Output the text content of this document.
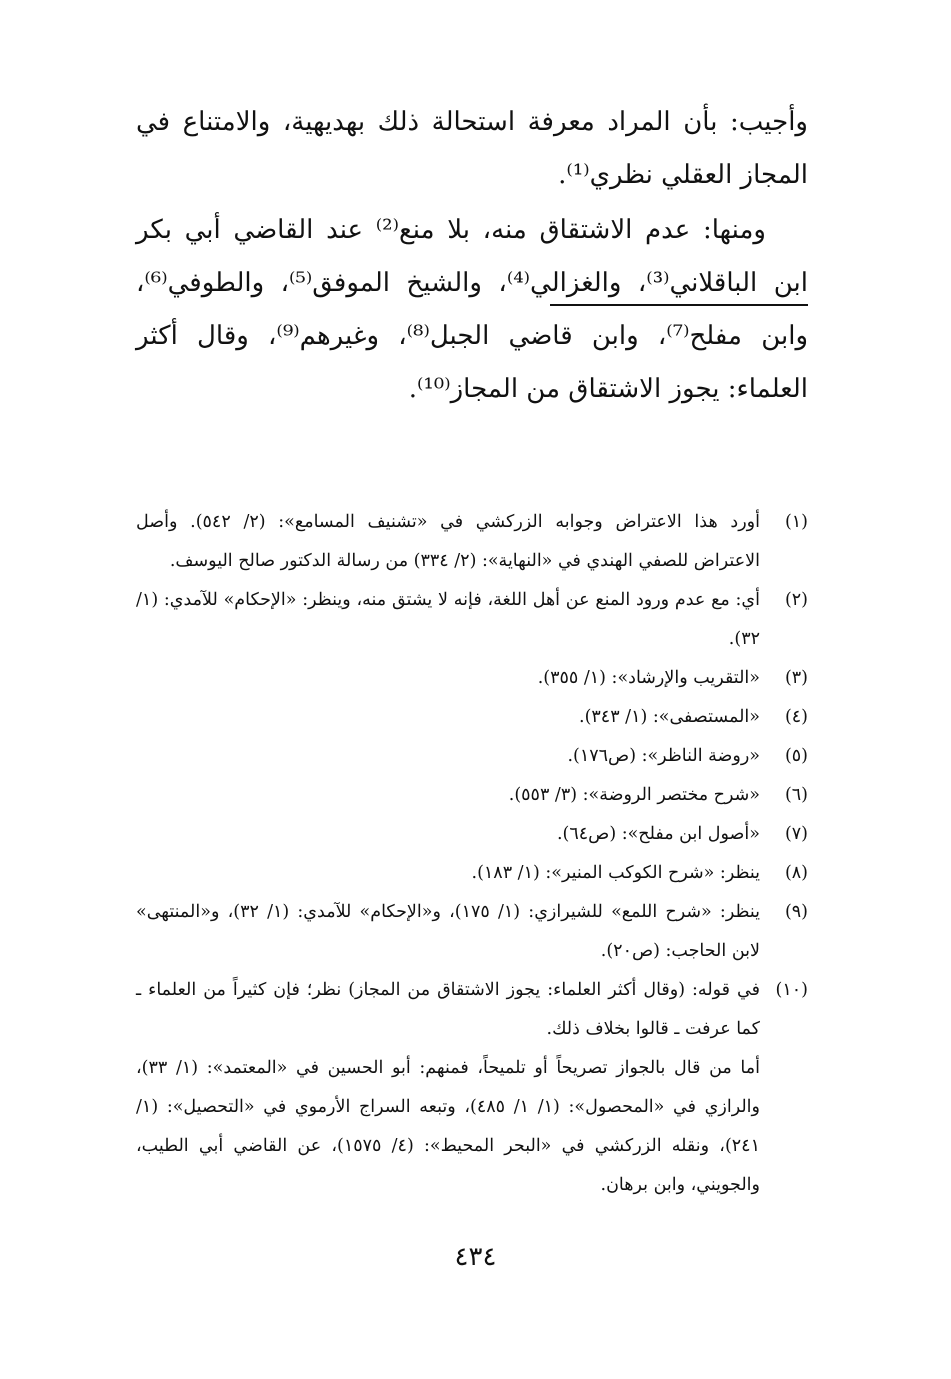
وأجيب: بأن المراد معرفة استحالة ذلك بهديهية، والامتناع في المجاز العقلي نظري⁽¹⁾.

ومنها: عدم الاشتقاق منه، بلا منع⁽²⁾ عند القاضي أبي بكر ابن الباقلاني⁽³⁾، والغزالي⁽⁴⁾، والشيخ الموفق⁽⁵⁾، والطوفي⁽⁶⁾، وابن مفلح⁽⁷⁾، وابن قاضي الجبل⁽⁸⁾، وغيرهم⁽⁹⁾، وقال أكثر العلماء: يجوز الاشتقاق من المجاز⁽¹⁰⁾.

(١)
أورد هذا الاعتراض وجوابه الزركشي في «تشنيف المسامع»: (٢/ ٥٤٢). وأصل الاعتراض للصفي الهندي في «النهاية»: (٢/ ٣٣٤) من رسالة الدكتور صالح اليوسف.
(٢)
أي: مع عدم ورود المنع عن أهل اللغة، فإنه لا يشتق منه، وينظر: «الإحكام» للآمدي: (١/ ٣٢).
(٣)
«التقريب والإرشاد»: (١/ ٣٥٥).
(٤)
«المستصفى»: (١/ ٣٤٣).
(٥)
«روضة الناظر»: (ص١٧٦).
(٦)
«شرح مختصر الروضة»: (٣/ ٥٥٣).
(٧)
«أصول ابن مفلح»: (ص٦٤).
(٨)
ينظر: «شرح الكوكب المنير»: (١/ ١٨٣).
(٩)
ينظر: «شرح اللمع» للشيرازي: (١/ ١٧٥)، و«الإحكام» للآمدي: (١/ ٣٢)، و«المنتهى» لابن الحاجب: (ص٢٠).
(١٠)
في قوله: (وقال أكثر العلماء: يجوز الاشتقاق من المجاز) نظر؛ فإن كثيراً من العلماء ـ كما عرفت ـ قالوا بخلاف ذلك.
أما من قال بالجواز تصريحاً أو تلميحاً، فمنهم: أبو الحسين في «المعتمد»: (١/ ٣٣)، والرازي في «المحصول»: (١/ ١/ ٤٨٥)، وتبعه السراج الأرموي في «التحصيل»: (١/ ٢٤١)، ونقله الزركشي في «البحر المحيط»: (٤/ ١٥٧٥)، عن القاضي أبي الطيب، والجويني، وابن برهان.
٤٣٤
